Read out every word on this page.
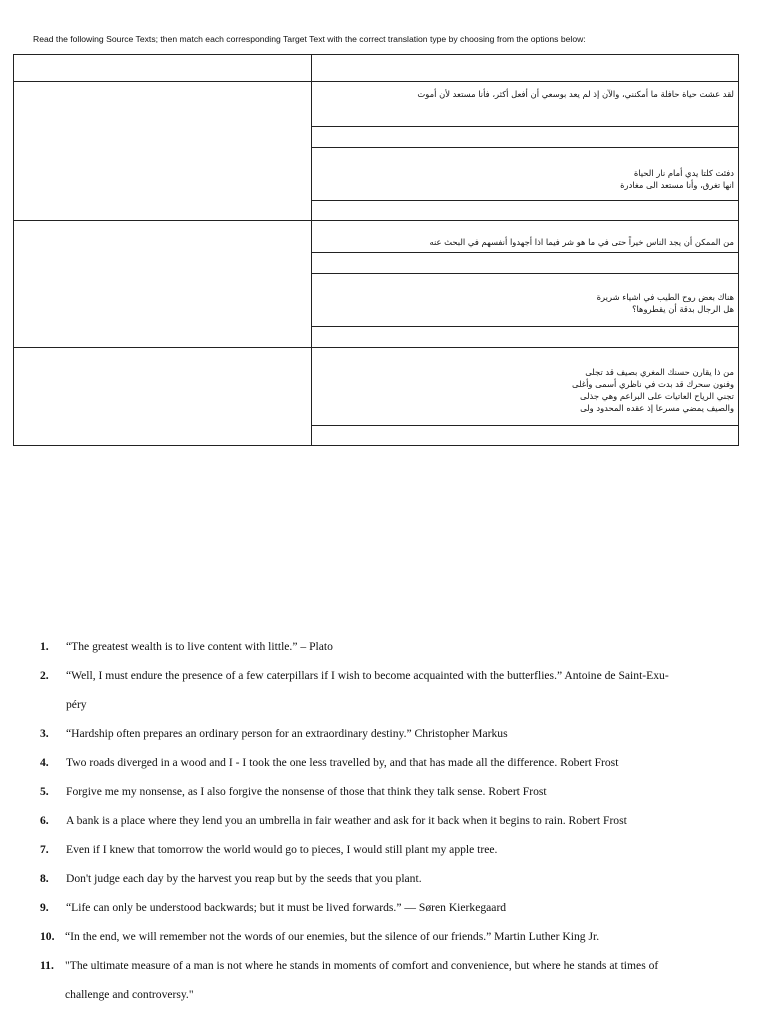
Read the following Source Texts; then match each corresponding Target Text with the correct translation type by choosing from the options below:

	لقد عشت حياة حافلة ما أمكنني، والآن إذ لم يعد بوسعي أن أفعل أكثر، فأنا مستعد لأن أموت

	دفئت كلتا يدي أمام نار الحياة
انها تغرق، وأنا مستعد الى مغادرة

	من الممكن أن يجد الناس خيراً حتى في ما هو شر فيما اذا أجهدوا أنفسهم في البحث عنه

	هناك بعض روح الطيب في اشياء شريرة
هل الرجال بدقة أن يقطروها؟

	من ذا يقارن حسنك المغري بصيف قد تجلى
وفنون سحرك قد بدت في ناظري أسمى وأغلى
تجني الرياح العاتيات على البراعم وهي جذلى
والصيف يمضي مسرعا إذ عقده المحدود ولى

1.	“The greatest wealth is to live content with little.” – Plato
2.	“Well, I must endure the presence of a few caterpillars if I wish to become acquainted with the butterflies.” Antoine de Saint-Exu-
péry
3.	“Hardship often prepares an ordinary person for an extraordinary destiny.” Christopher Markus
4.	Two roads diverged in a wood and I - I took the one less travelled by, and that has made all the difference. Robert Frost
5.	Forgive me my nonsense, as I also forgive the nonsense of those that think they talk sense. Robert Frost
6.	A bank is a place where they lend you an umbrella in fair weather and ask for it back when it begins to rain. Robert Frost
7.	Even if I knew that tomorrow the world would go to pieces, I would still plant my apple tree.
8.	Don't judge each day by the harvest you reap but by the seeds that you plant.
9.	“Life can only be understood backwards; but it must be lived forwards.” — Søren Kierkegaard
10. “In the end, we will remember not the words of our enemies, but the silence of our friends.” Martin Luther King Jr.
11. "The ultimate measure of a man is not where he stands in moments of comfort and convenience, but where he stands at times of
challenge and controversy."
